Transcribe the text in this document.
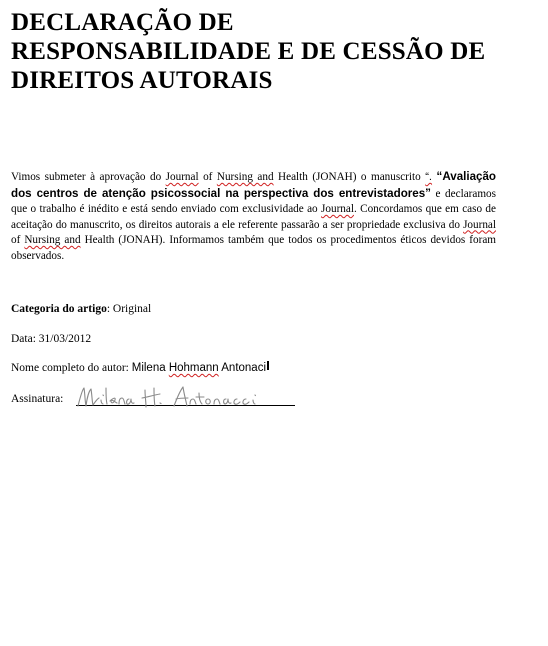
DECLARAÇÃO DE
RESPONSABILIDADE E DE CESSÃO DE
DIREITOS AUTORAIS

Vimos submeter à aprovação do Journal of Nursing and Health (JONAH) o manuscrito “. “Avaliação dos centros de atenção psicossocial na perspectiva dos entrevistadores” e declaramos que o trabalho é inédito e está sendo enviado com exclusividade ao Journal. Concordamos que em caso de aceitação do manuscrito, os direitos autorais a ele referente passarão a ser propriedade exclusiva do Journal of Nursing and Health (JONAH). Informamos também que todos os procedimentos éticos devidos foram observados.

Categoria do artigo: Original

Data: 31/03/2012

Nome completo do autor: Milena Hohmann Antonaci

Assinatura:
